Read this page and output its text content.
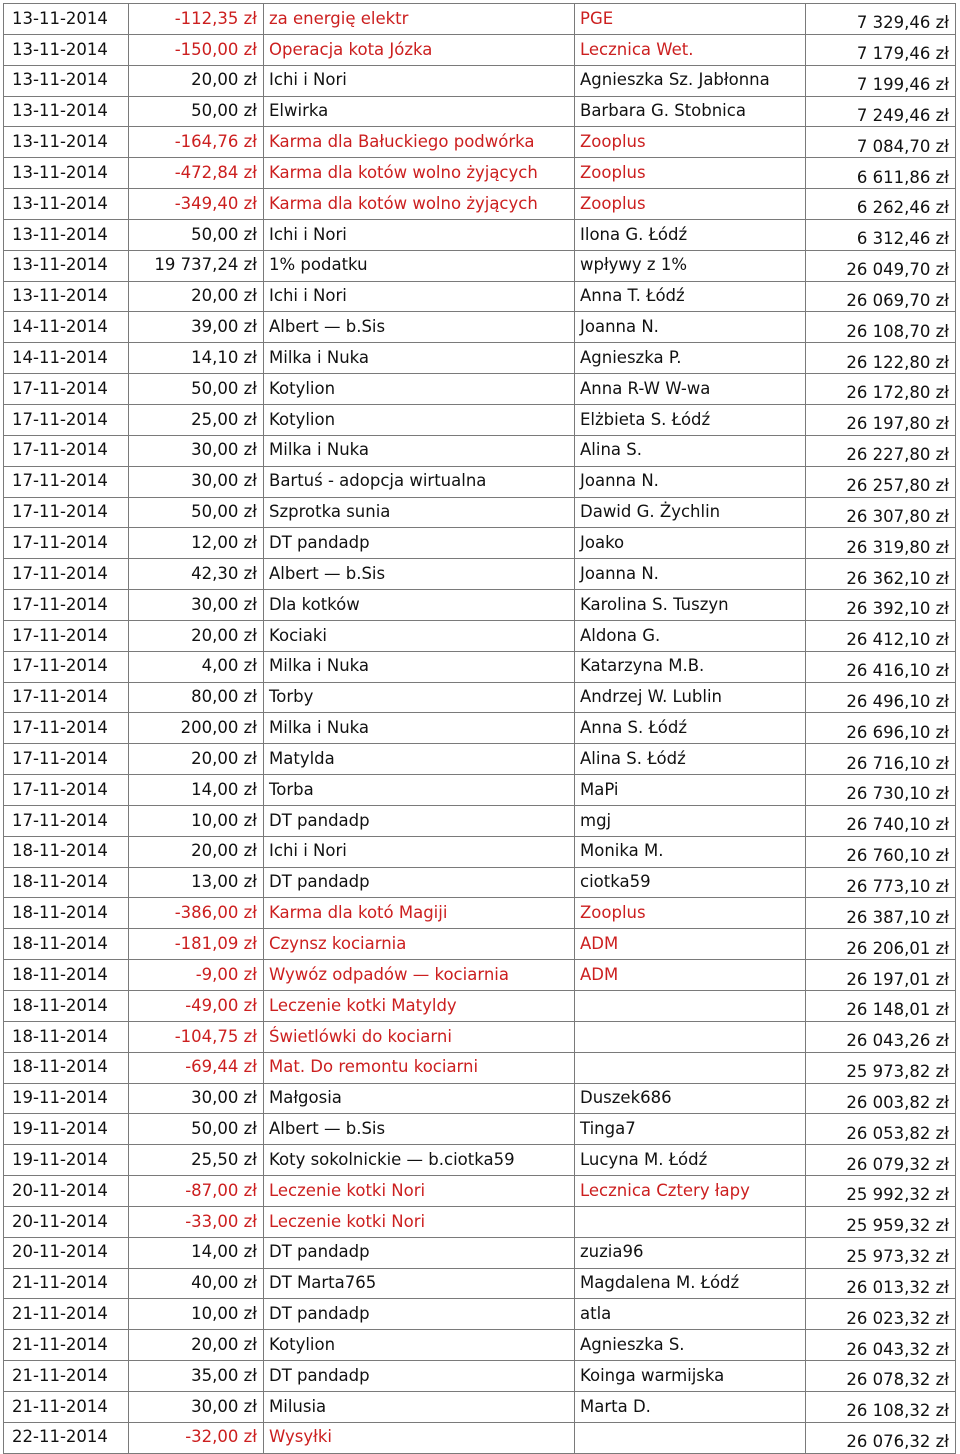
13-11-2014	-112,35 zł	za energię elektr	PGE	7 329,46 zł
13-11-2014	-150,00 zł	Operacja kota Józka	Lecznica Wet.	7 179,46 zł
13-11-2014	20,00 zł	Ichi i Nori	Agnieszka Sz. Jabłonna	7 199,46 zł
13-11-2014	50,00 zł	Elwirka	Barbara G. Stobnica	7 249,46 zł
13-11-2014	-164,76 zł	Karma dla Bałuckiego podwórka	Zooplus	7 084,70 zł
13-11-2014	-472,84 zł	Karma dla kotów wolno żyjących	Zooplus	6 611,86 zł
13-11-2014	-349,40 zł	Karma dla kotów wolno żyjących	Zooplus	6 262,46 zł
13-11-2014	50,00 zł	Ichi i Nori	Ilona G. Łódź	6 312,46 zł
13-11-2014	19 737,24 zł	1% podatku	wpływy z 1%	26 049,70 zł
13-11-2014	20,00 zł	Ichi i Nori	Anna T. Łódź	26 069,70 zł
14-11-2014	39,00 zł	Albert — b.Sis	Joanna N.	26 108,70 zł
14-11-2014	14,10 zł	Milka i Nuka	Agnieszka P.	26 122,80 zł
17-11-2014	50,00 zł	Kotylion	Anna R-W W-wa	26 172,80 zł
17-11-2014	25,00 zł	Kotylion	Elżbieta S. Łódź	26 197,80 zł
17-11-2014	30,00 zł	Milka i Nuka	Alina S.	26 227,80 zł
17-11-2014	30,00 zł	Bartuś - adopcja wirtualna	Joanna N.	26 257,80 zł
17-11-2014	50,00 zł	Szprotka sunia	Dawid G. Żychlin	26 307,80 zł
17-11-2014	12,00 zł	DT pandadp	Joako	26 319,80 zł
17-11-2014	42,30 zł	Albert — b.Sis	Joanna N.	26 362,10 zł
17-11-2014	30,00 zł	Dla kotków	Karolina S. Tuszyn	26 392,10 zł
17-11-2014	20,00 zł	Kociaki	Aldona G.	26 412,10 zł
17-11-2014	4,00 zł	Milka i Nuka	Katarzyna M.B.	26 416,10 zł
17-11-2014	80,00 zł	Torby	Andrzej W. Lublin	26 496,10 zł
17-11-2014	200,00 zł	Milka i Nuka	Anna S. Łódź	26 696,10 zł
17-11-2014	20,00 zł	Matylda	Alina S. Łódź	26 716,10 zł
17-11-2014	14,00 zł	Torba	MaPi	26 730,10 zł
17-11-2014	10,00 zł	DT pandadp	mgj	26 740,10 zł
18-11-2014	20,00 zł	Ichi i Nori	Monika M.	26 760,10 zł
18-11-2014	13,00 zł	DT pandadp	ciotka59	26 773,10 zł
18-11-2014	-386,00 zł	Karma dla kotó Magiji	Zooplus	26 387,10 zł
18-11-2014	-181,09 zł	Czynsz kociarnia	ADM	26 206,01 zł
18-11-2014	-9,00 zł	Wywóz odpadów — kociarnia	ADM	26 197,01 zł
18-11-2014	-49,00 zł	Leczenie kotki Matyldy		26 148,01 zł
18-11-2014	-104,75 zł	Świetlówki do kociarni		26 043,26 zł
18-11-2014	-69,44 zł	Mat. Do remontu kociarni		25 973,82 zł
19-11-2014	30,00 zł	Małgosia	Duszek686	26 003,82 zł
19-11-2014	50,00 zł	Albert — b.Sis	Tinga7	26 053,82 zł
19-11-2014	25,50 zł	Koty sokolnickie — b.ciotka59	Lucyna M. Łódź	26 079,32 zł
20-11-2014	-87,00 zł	Leczenie kotki Nori	Lecznica Cztery łapy	25 992,32 zł
20-11-2014	-33,00 zł	Leczenie kotki Nori		25 959,32 zł
20-11-2014	14,00 zł	DT pandadp	zuzia96	25 973,32 zł
21-11-2014	40,00 zł	DT Marta765	Magdalena M. Łódź	26 013,32 zł
21-11-2014	10,00 zł	DT pandadp	atla	26 023,32 zł
21-11-2014	20,00 zł	Kotylion	Agnieszka S.	26 043,32 zł
21-11-2014	35,00 zł	DT pandadp	Koinga warmijska	26 078,32 zł
21-11-2014	30,00 zł	Milusia	Marta D.	26 108,32 zł
22-11-2014	-32,00 zł	Wysyłki		26 076,32 zł
